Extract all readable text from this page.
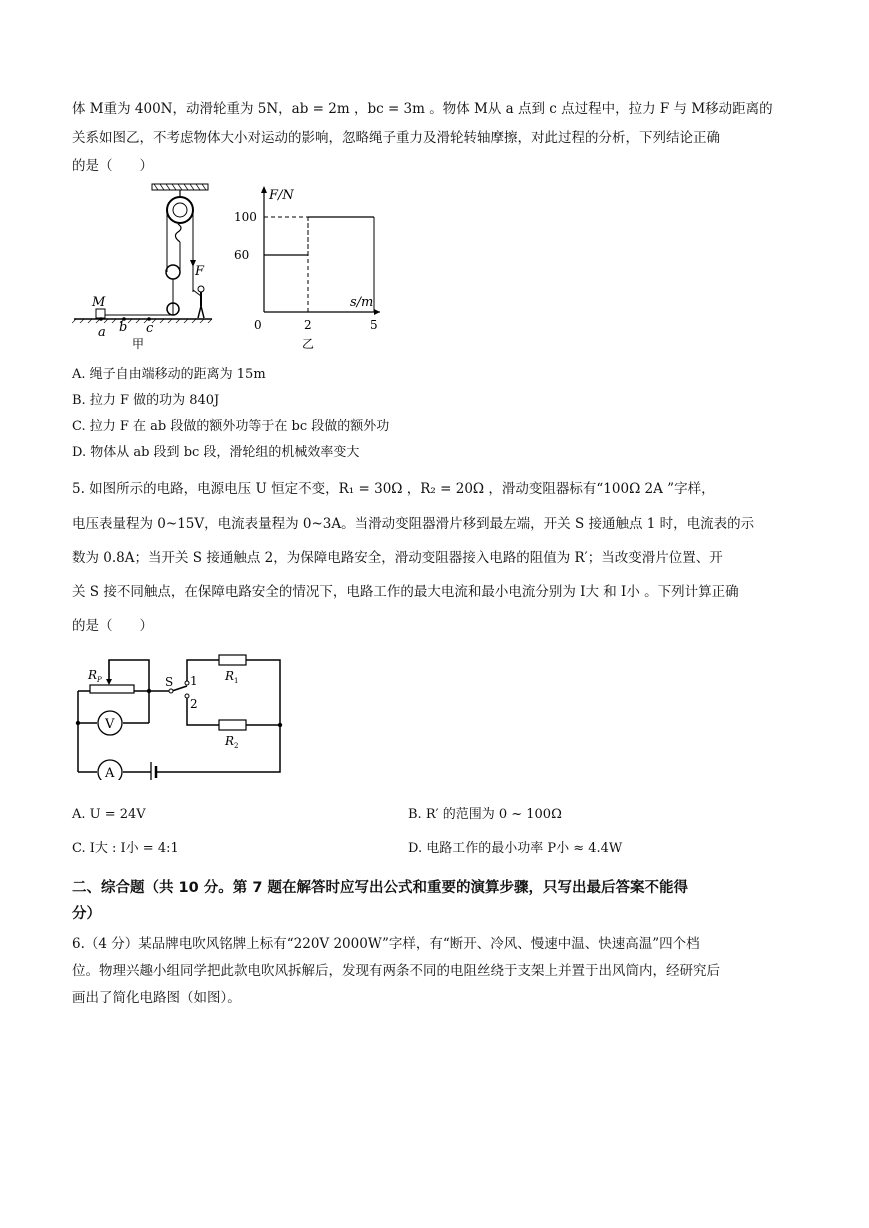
体 M重为 400N，动滑轮重为 5N，ab = 2m ，bc = 3m 。物体 M从 a 点到 c 点过程中，拉力 F 与 M移动距离的
关系如图乙，不考虑物体大小对运动的影响，忽略绳子重力及滑轮转轴摩擦，对此过程的分析，下列结论正确
的是（　　）
F
M
a b c
甲
F/N
s/m
60
100
0	2	5
乙
A. 绳子自由端移动的距离为 15m
B. 拉力 F 做的功为 840J
C. 拉力 F 在 ab 段做的额外功等于在 bc 段做的额外功
D. 物体从 ab 段到 bc 段，滑轮组的机械效率变大
5. 如图所示的电路，电源电压 U 恒定不变，R₁ = 30Ω ，R₂ = 20Ω ，滑动变阻器标有“100Ω 2A ”字样，
电压表量程为 0~15V，电流表量程为 0~3A。当滑动变阻器滑片移到最左端，开关 S 接通触点 1 时，电流表的示
数为 0.8A；当开关 S 接通触点 2，为保障电路安全，滑动变阻器接入电路的阻值为 R′；当改变滑片位置、开
关 S 接不同触点，在保障电路安全的情况下，电路工作的最大电流和最小电流分别为 I大 和 I小 。下列计算正确
的是（　　）
R P
V
A
S 1
2
R 1
R 2
A. U = 24V	B. R′ 的范围为 0 ~ 100Ω
C. I大 : I小 = 4:1	D. 电路工作的最小功率 P小 ≈ 4.4W
二、综合题（共 10 分。第 7 题在解答时应写出公式和重要的演算步骤，只写出最后答案不能得
分）
6.（4 分）某品牌电吹风铭牌上标有“220V 2000W”字样，有“断开、冷风、慢速中温、快速高温”四个档
位。物理兴趣小组同学把此款电吹风拆解后，发现有两条不同的电阻丝绕于支架上并置于出风筒内，经研究后
画出了简化电路图（如图）。
